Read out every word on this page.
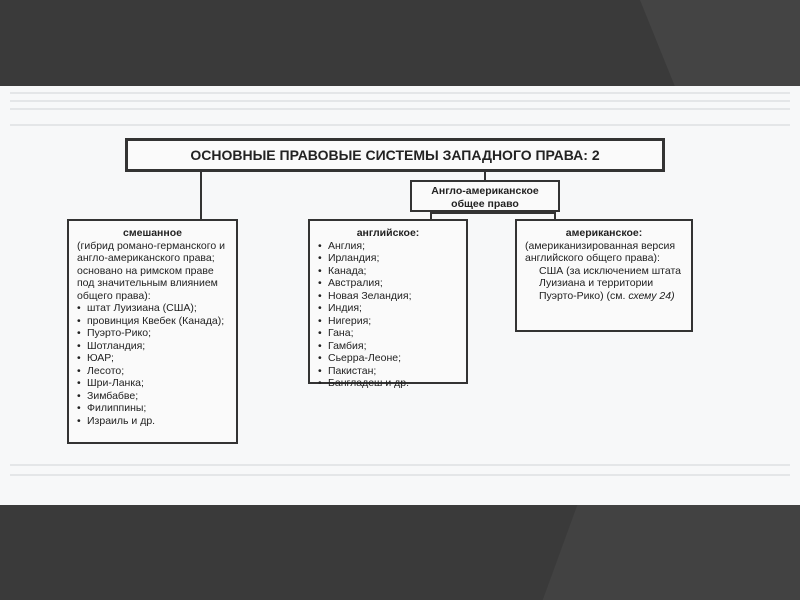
ОСНОВНЫЕ ПРАВОВЫЕ СИСТЕМЫ ЗАПАДНОГО ПРАВА: 2
Англо-американское общее право
смешанное
(гибрид романо-германского и англо-американского права; основано на римском праве под значительным влиянием общего права):
• штат Луизиана (США);
• провинция Квебек (Канада);
• Пуэрто-Рико;
• Шотландия;
• ЮАР;
• Лесото;
• Шри-Ланка;
• Зимбабве;
• Филиппины;
• Израиль и др.
английское:
• Англия;
• Ирландия;
• Канада;
• Австралия;
• Новая Зеландия;
• Индия;
• Нигерия;
• Гана;
• Гамбия;
• Сьерра-Леоне;
• Пакистан;
• Бангладеш и др.
американское:
(американизированная версия английского общего права):
США (за исключением штата Луизиана и территории Пуэрто-Рико) (см. схему 24)
